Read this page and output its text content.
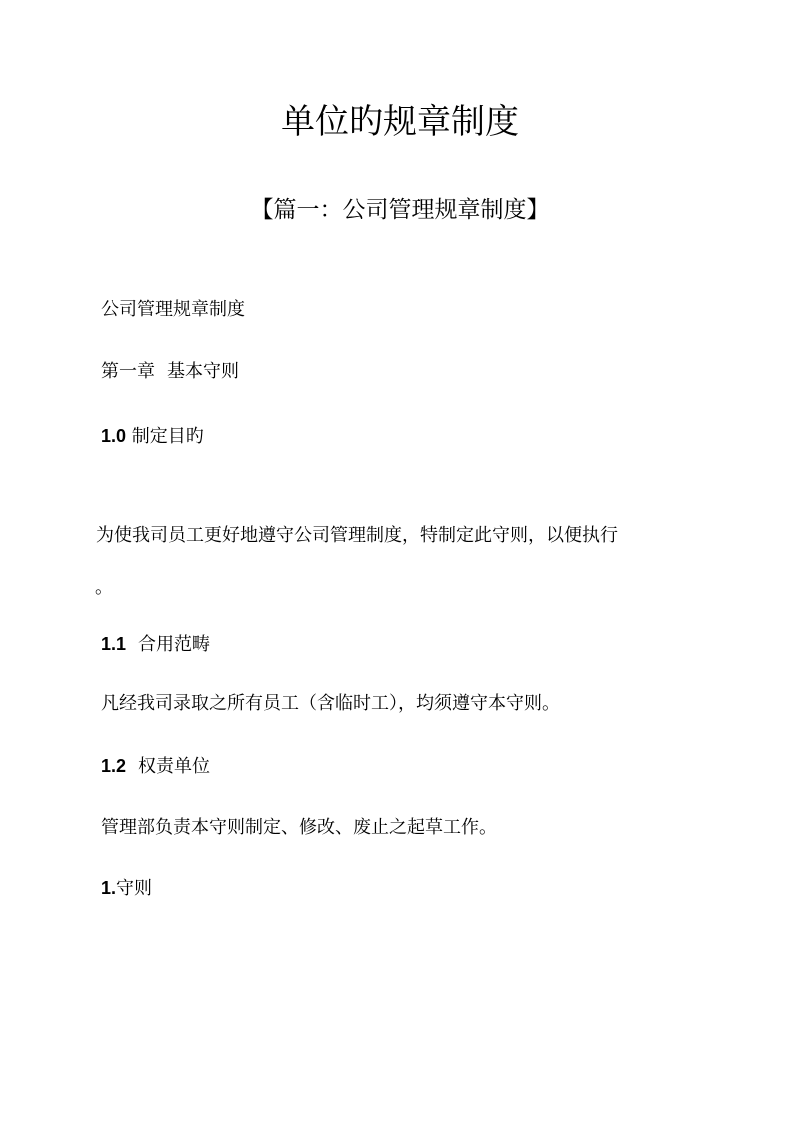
单位旳规章制度
【篇一：公司管理规章制度】

公司管理规章制度

第一章 基本守则

1.0 制定目旳

为使我司员工更好地遵守公司管理制度，特制定此守则，以便执行

。

1.1 合用范畴

凡经我司录取之所有员工（含临时工），均须遵守本守则。

1.2 权责单位

管理部负责本守则制定、修改、废止之起草工作。

1.守则
